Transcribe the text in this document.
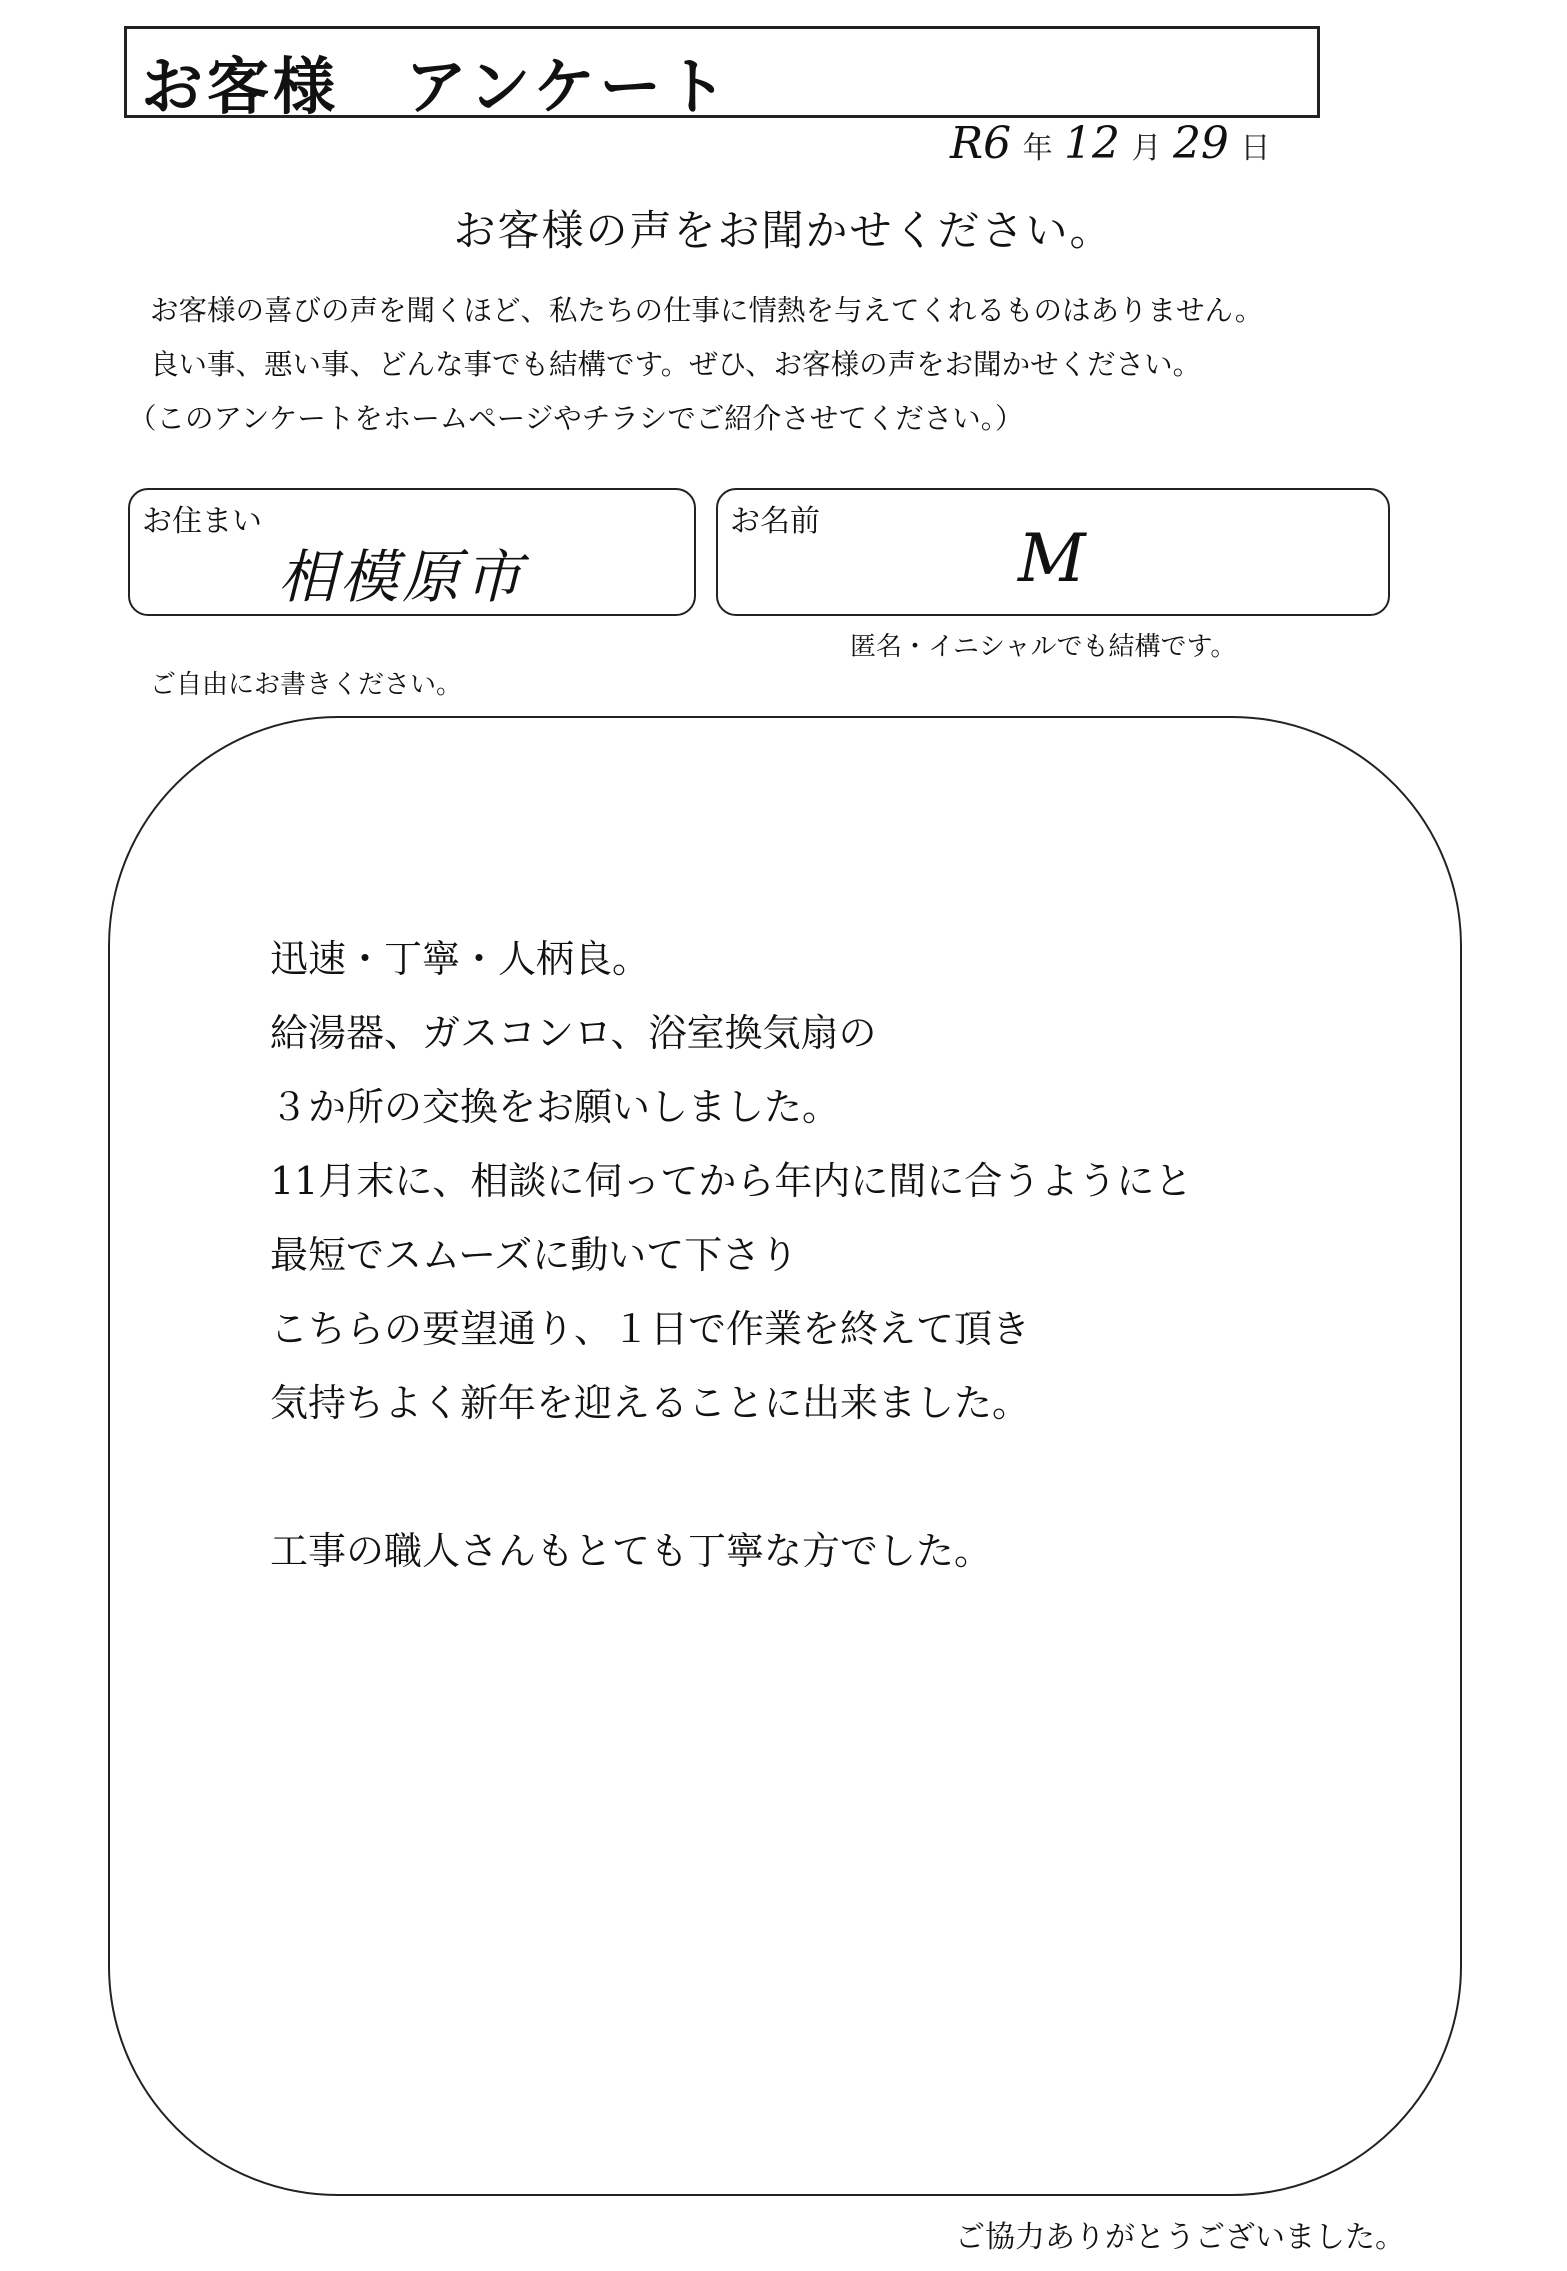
お客様　アンケート
R6 年 12 月 29 日
お客様の声をお聞かせください。
お客様の喜びの声を聞くほど、私たちの仕事に情熱を与えてくれるものはありません。
良い事、悪い事、どんな事でも結構です。ぜひ、お客様の声をお聞かせください。
（このアンケートをホームページやチラシでご紹介させてください。）
お住まい
相模原市
お名前	M
匿名・イニシャルでも結構です。
ご自由にお書きください。
迅速・丁寧・人柄良。
給湯器、ガスコンロ、浴室換気扇の
３か所の交換をお願いしました。
11月末に、相談に伺ってから年内に間に合うようにと
最短でスムーズに動いて下さり
こちらの要望通り、１日で作業を終えて頂き
気持ちよく新年を迎えることに出来ました。
工事の職人さんもとても丁寧な方でした。
ご協力ありがとうございました。
